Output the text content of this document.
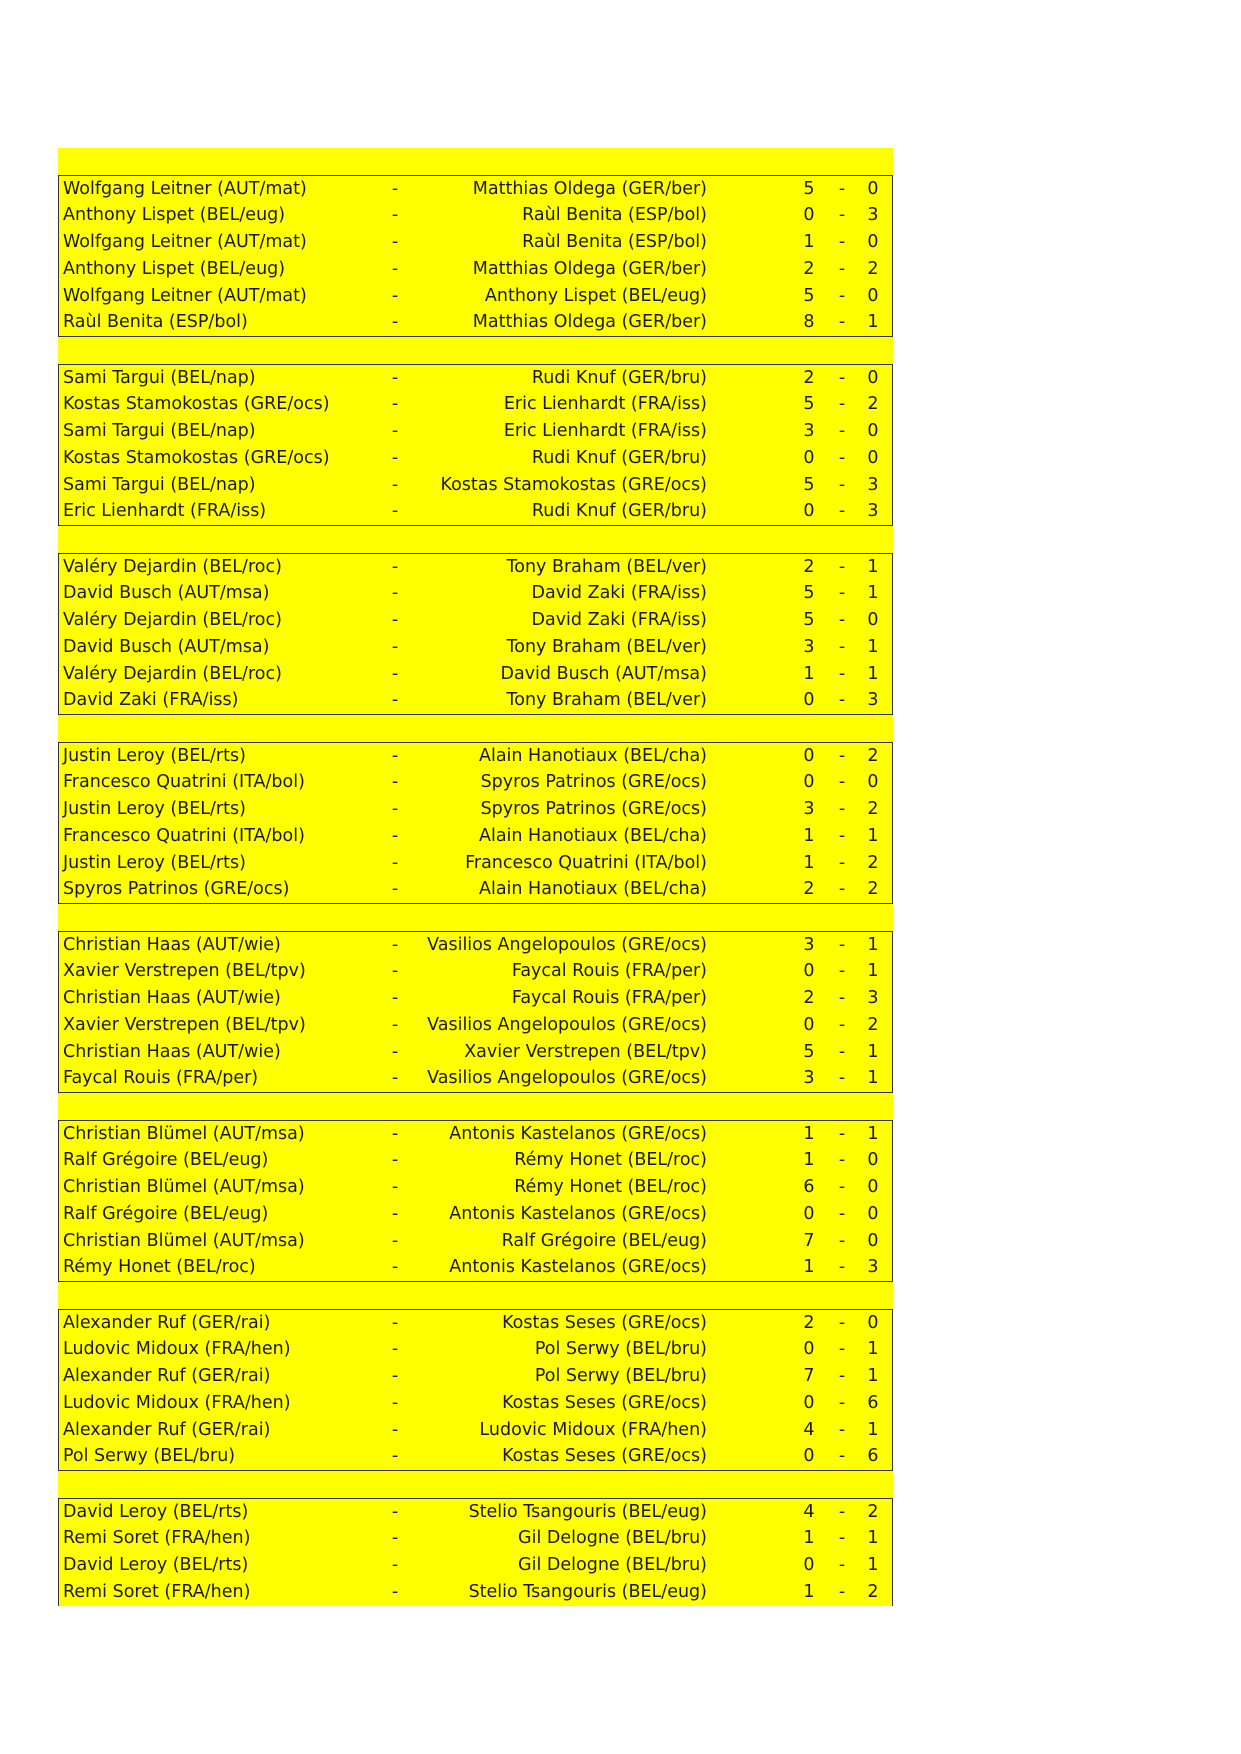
Wolfgang Leitner (AUT/mat)	-	Matthias Oldega (GER/ber)	5	-	0
Anthony Lispet (BEL/eug)	-	Raùl Benita (ESP/bol)	0	-	3
Wolfgang Leitner (AUT/mat)	-	Raùl Benita (ESP/bol)	1	-	0
Anthony Lispet (BEL/eug)	-	Matthias Oldega (GER/ber)	2	-	2
Wolfgang Leitner (AUT/mat)	-	Anthony Lispet (BEL/eug)	5	-	0
Raùl Benita (ESP/bol)	-	Matthias Oldega (GER/ber)	8	-	1
Sami Targui (BEL/nap)	-	Rudi Knuf (GER/bru)	2	-	0
Kostas Stamokostas (GRE/ocs)	-	Eric Lienhardt (FRA/iss)	5	-	2
Sami Targui (BEL/nap)	-	Eric Lienhardt (FRA/iss)	3	-	0
Kostas Stamokostas (GRE/ocs)	-	Rudi Knuf (GER/bru)	0	-	0
Sami Targui (BEL/nap)	-	Kostas Stamokostas (GRE/ocs)	5	-	3
Eric Lienhardt (FRA/iss)	-	Rudi Knuf (GER/bru)	0	-	3
Valéry Dejardin (BEL/roc)	-	Tony Braham (BEL/ver)	2	-	1
David Busch (AUT/msa)	-	David Zaki (FRA/iss)	5	-	1
Valéry Dejardin (BEL/roc)	-	David Zaki (FRA/iss)	5	-	0
David Busch (AUT/msa)	-	Tony Braham (BEL/ver)	3	-	1
Valéry Dejardin (BEL/roc)	-	David Busch (AUT/msa)	1	-	1
David Zaki (FRA/iss)	-	Tony Braham (BEL/ver)	0	-	3
Justin Leroy (BEL/rts)	-	Alain Hanotiaux (BEL/cha)	0	-	2
Francesco Quatrini (ITA/bol)	-	Spyros Patrinos (GRE/ocs)	0	-	0
Justin Leroy (BEL/rts)	-	Spyros Patrinos (GRE/ocs)	3	-	2
Francesco Quatrini (ITA/bol)	-	Alain Hanotiaux (BEL/cha)	1	-	1
Justin Leroy (BEL/rts)	-	Francesco Quatrini (ITA/bol)	1	-	2
Spyros Patrinos (GRE/ocs)	-	Alain Hanotiaux (BEL/cha)	2	-	2
Christian Haas (AUT/wie)	-	Vasilios Angelopoulos (GRE/ocs)	3	-	1
Xavier Verstrepen (BEL/tpv)	-	Faycal Rouis (FRA/per)	0	-	1
Christian Haas (AUT/wie)	-	Faycal Rouis (FRA/per)	2	-	3
Xavier Verstrepen (BEL/tpv)	-	Vasilios Angelopoulos (GRE/ocs)	0	-	2
Christian Haas (AUT/wie)	-	Xavier Verstrepen (BEL/tpv)	5	-	1
Faycal Rouis (FRA/per)	-	Vasilios Angelopoulos (GRE/ocs)	3	-	1
Christian Blümel (AUT/msa)	-	Antonis Kastelanos (GRE/ocs)	1	-	1
Ralf Grégoire (BEL/eug)	-	Rémy Honet (BEL/roc)	1	-	0
Christian Blümel (AUT/msa)	-	Rémy Honet (BEL/roc)	6	-	0
Ralf Grégoire (BEL/eug)	-	Antonis Kastelanos (GRE/ocs)	0	-	0
Christian Blümel (AUT/msa)	-	Ralf Grégoire (BEL/eug)	7	-	0
Rémy Honet (BEL/roc)	-	Antonis Kastelanos (GRE/ocs)	1	-	3
Alexander Ruf (GER/rai)	-	Kostas Seses (GRE/ocs)	2	-	0
Ludovic Midoux (FRA/hen)	-	Pol Serwy (BEL/bru)	0	-	1
Alexander Ruf (GER/rai)	-	Pol Serwy (BEL/bru)	7	-	1
Ludovic Midoux (FRA/hen)	-	Kostas Seses (GRE/ocs)	0	-	6
Alexander Ruf (GER/rai)	-	Ludovic Midoux (FRA/hen)	4	-	1
Pol Serwy (BEL/bru)	-	Kostas Seses (GRE/ocs)	0	-	6
David Leroy (BEL/rts)	-	Stelio Tsangouris (BEL/eug)	4	-	2
Remi Soret (FRA/hen)	-	Gil Delogne (BEL/bru)	1	-	1
David Leroy (BEL/rts)	-	Gil Delogne (BEL/bru)	0	-	1
Remi Soret (FRA/hen)	-	Stelio Tsangouris (BEL/eug)	1	-	2
